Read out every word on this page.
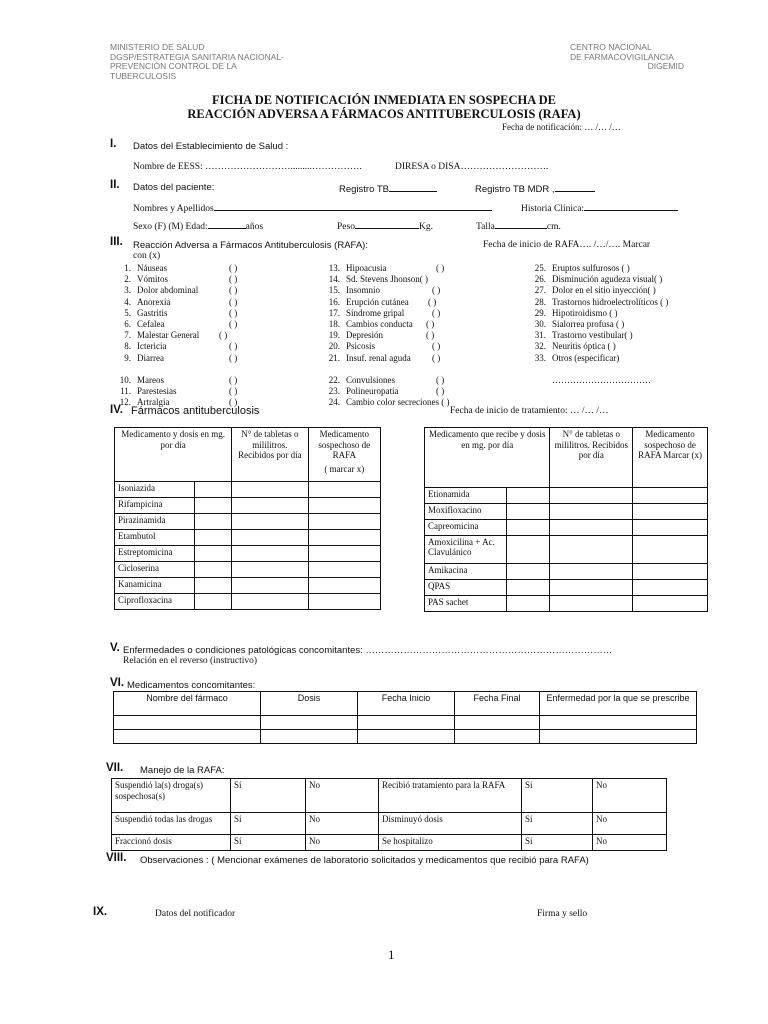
MINISTERIO DE SALUD
DGSP/ESTRATEGIA SANITARIA NACIONAL-
PREVENCIÓN CONTROL DE LA
TUBERCULOSIS
CENTRO NACIONAL
DE FARMACOVIGILANCIA
DIGEMID
FICHA DE NOTIFICACIÓN INMEDIATA EN SOSPECHA DE
REACCIÓN ADVERSA A FÁRMACOS ANTITUBERCULOSIS (RAFA)
Fecha de notificación: … /… /…
I. Datos del Establecimiento de Salud :
Nombre de EESS: ……………………….........…………….	DIRESA o DISA……………………….
II. Datos del paciente:	Registro TB	Registro TB MDR ,
Nombres y Apellidos	Historia Clínica:
Sexo (F) (M) Edad:	años	Peso	Kg.	Talla	cm.
III. Reacción Adversa a Fármacos Antituberculosis (RAFA):	Fecha de inicio de RAFA…. /…/…. Marcar
con (x)
1. Náuseas	( )
2. Vómitos	( )
3. Dolor abdominal	( )
4. Anorexia	( )
5. Gastritis	( )
6. Cefalea	( )
7. Malestar General ( )
8. Ictericia	( )
9. Diarrea	( )
10. Mareos	( )
11. Parestesias	( )
12. Artralgia	( )
13. Hipoacusia	( )
14. Sd. Stevens Jhonson( )
15. Insomnio	( )
16. Erupción cutánea ( )
17. Síndrome gripal	( )
18. Cambios conducta ( )
19. Depresión	( )
20. Psicosis	( )
21. Insuf. renal aguda ( )
22. Convulsiones	( )
23. Polineuropatía	( )
24. Cambio color secreciones ( )
25. Eruptos sulfurosos ( )
26. Disminución agudeza visual( )
27. Dolor en el sitio inyección( )
28. Trastornos hidroelectrolíticos ( )
29. Hipotiroidismo ( )
30. Sialorrea profusa ( )
31. Trastorno vestibular( )
32. Neuritis óptica ( )
33. Otros (especificar)
……………………………
IV. Fármacos antituberculosis	Fecha de inicio de tratamiento: … /… /…
Medicamento y dosis en mg. por día		N° de tabletas o mililitros. Recibidos por día	Medicamento sospechoso de RAFA
( marcar x)

Isoniazida			
Rifampicina			
Pirazinamida			
Etambutol			
Estreptomicina			
Cicloserina			
Kanamicina			
Ciprofloxacina			
Medicamento que recibe y dosis en mg. por día		N° de tabletas o mililitros. Recibidos por día	Medicamento sospechoso de RAFA Marcar (x)
Etionamida			
Moxifloxacino			
Capreomicina			
Amoxicilina + Ac. Clavulánico			
Amikacina			
QPAS			
PAS sachet			
V. Enfermedades o condiciones patológicas concomitantes: ……………………………………………………………………
Relación en el reverso (instructivo)
VI. Medicamentos concomitantes:
Nombre del fármaco	Dosis	Fecha Inicio	Fecha Final	Enfermedad por la que se prescribe

VII. Manejo de la RAFA:
Suspendió la(s) droga(s) sospechosa(s)	Sí	No	Recibió tratamiento para la RAFA	Sí	No
Suspendió todas las drogas	Sí	No	Disminuyó dosis	Sí	No
Fraccionó dosis	Sí	No	Se hospitalizo	Sí	No
VIII. Observaciones : ( Mencionar exámenes de laboratorio solicitados y medicamentos que recibió para RAFA)
IX.	Datos del notificador	Firma y sello
1
